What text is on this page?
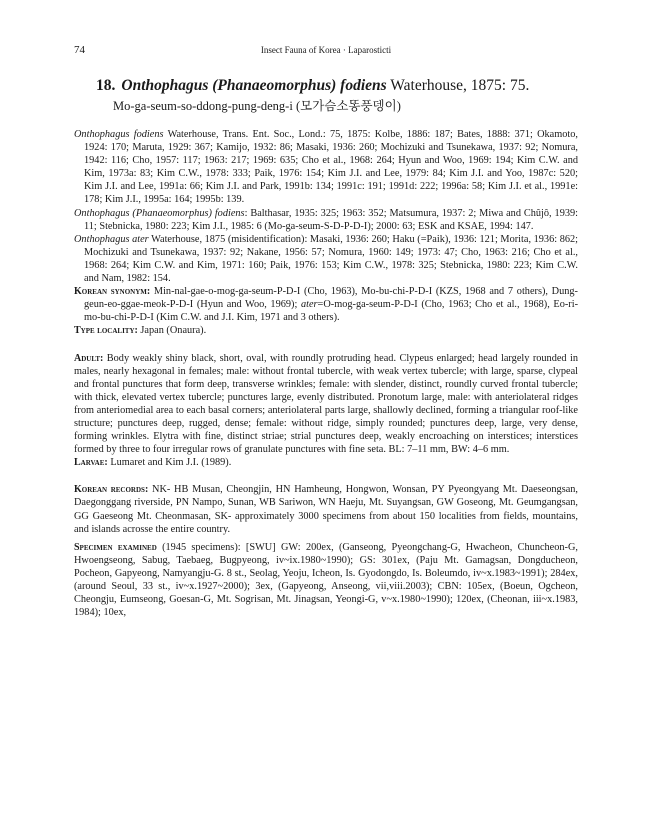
74	Insect Fauna of Korea · Laparosticti
18. Onthophagus (Phanaeomorphus) fodiens Waterhouse, 1875: 75.
Mo-ga-seum-so-ddong-pung-deng-i (모가슴소똥풍뎅이)

Onthophagus fodiens Waterhouse, Trans. Ent. Soc., Lond.: 75, 1875: Kolbe, 1886: 187; Bates, 1888: 371; Okamoto, 1924: 170; Maruta, 1929: 367; Kamijo, 1932: 86; Masaki, 1936: 260; Mochizuki and Tsunekawa, 1937: 92; Nomura, 1942: 116; Cho, 1957: 117; 1963: 217; 1969: 635; Cho et al., 1968: 264; Hyun and Woo, 1969: 194; Kim C.W. and Kim, 1973a: 83; Kim C.W., 1978: 333; Paik, 1976: 154; Kim J.I. and Lee, 1979: 84; Kim J.I. and Yoo, 1987c: 520; Kim J.I. and Lee, 1991a: 66; Kim J.I. and Park, 1991b: 134; 1991c: 191; 1991d: 222; 1996a: 58; Kim J.I. et al., 1991e: 178; Kim J.I., 1995a: 164; 1995b: 139.

Onthophagus (Phanaeomorphus) fodiens: Balthasar, 1935: 325; 1963: 352; Matsumura, 1937: 2; Miwa and Chûjô, 1939: 11; Stebnicka, 1980: 223; Kim J.I., 1985: 6 (Mo-ga-seum-S-D-P-D-I); 2000: 63; ESK and KSAE, 1994: 147.

Onthophagus ater Waterhouse, 1875 (misidentification): Masaki, 1936: 260; Haku (=Paik), 1936: 121; Morita, 1936: 862; Mochizuki and Tsunekawa, 1937: 92; Nakane, 1956: 57; Nomura, 1960: 149; 1973: 47; Cho, 1963: 216; Cho et al., 1968: 264; Kim C.W. and Kim, 1971: 160; Paik, 1976: 153; Kim C.W., 1978: 325; Stebnicka, 1980: 223; Kim C.W. and Nam, 1982: 154.

Korean synonym: Min-nal-gae-o-mog-ga-seum-P-D-I (Cho, 1963), Mo-bu-chi-P-D-I (KZS, 1968 and 7 others), Dung-geun-eo-ggae-meok-P-D-I (Hyun and Woo, 1969); ater=O-mog-ga-seum-P-D-I (Cho, 1963; Cho et al., 1968), Eo-ri-mo-bu-chi-P-D-I (Kim C.W. and J.I. Kim, 1971 and 3 others).

Type locality: Japan (Onaura).

Adult: Body weakly shiny black, short, oval, with roundly protruding head. Clypeus enlarged; head largely rounded in males, nearly hexagonal in females; male: without frontal tubercle, with weak vertex tubercle; with large, sparse, clypeal and frontal punctures that form deep, transverse wrinkles; female: with slender, distinct, roundly curved frontal tubercle; with thick, elevated vertex tubercle; punctures large, evenly distributed. Pronotum large, male: with anteriolateral ridges from anteriomedial area to each basal corners; anteriolateral parts large, shallowly declined, forming a triangular roof-like structure; punctures deep, rugged, dense; female: without ridge, simply rounded; punctures deep, large, very dense, forming wrinkles. Elytra with fine, distinct striae; strial punctures deep, weakly encroaching on interstices; interstices formed by three to four irregular rows of granulate punctures with fine seta. BL: 7–11 mm, BW: 4–6 mm.

Larvae: Lumaret and Kim J.I. (1989).

Korean records: NK- HB Musan, Cheongjin, HN Hamheung, Hongwon, Wonsan, PY Pyeongyang Mt. Daeseongsan, Daegonggang riverside, PN Nampo, Sunan, WB Sariwon, WN Haeju, Mt. Suyangsan, GW Goseong, Mt. Geumgangsan, GG Gaeseong Mt. Cheonmasan, SK- approximately 3000 specimens from about 150 localities from fields, mountains, and islands acrosse the entire country.

Specimen examined (1945 specimens): [SWU] GW: 200ex, (Ganseong, Pyeongchang-G, Hwacheon, Chuncheon-G, Hwoengseong, Sabug, Taebaeg, Bugpyeong, iv~ix.1980~1990); GS: 301ex, (Paju Mt. Gamagsan, Dongducheon, Pocheon, Gapyeong, Namyangju-G. 8 st., Seolag, Yeoju, Icheon, Is. Gyodongdo, Is. Boleumdo, iv~x.1983~1991); 284ex, (around Seoul, 33 st., iv~x.1927~2000); 3ex, (Gapyeong, Anseong, vii,viii.2003); CBN: 105ex, (Boeun, Ogcheon, Cheongju, Eumseong, Goesan-G, Mt. Sogrisan, Mt. Jinagsan, Yeongi-G, v~x.1980~1990); 120ex, (Cheonan, iii~x.1983, 1984); 10ex,
